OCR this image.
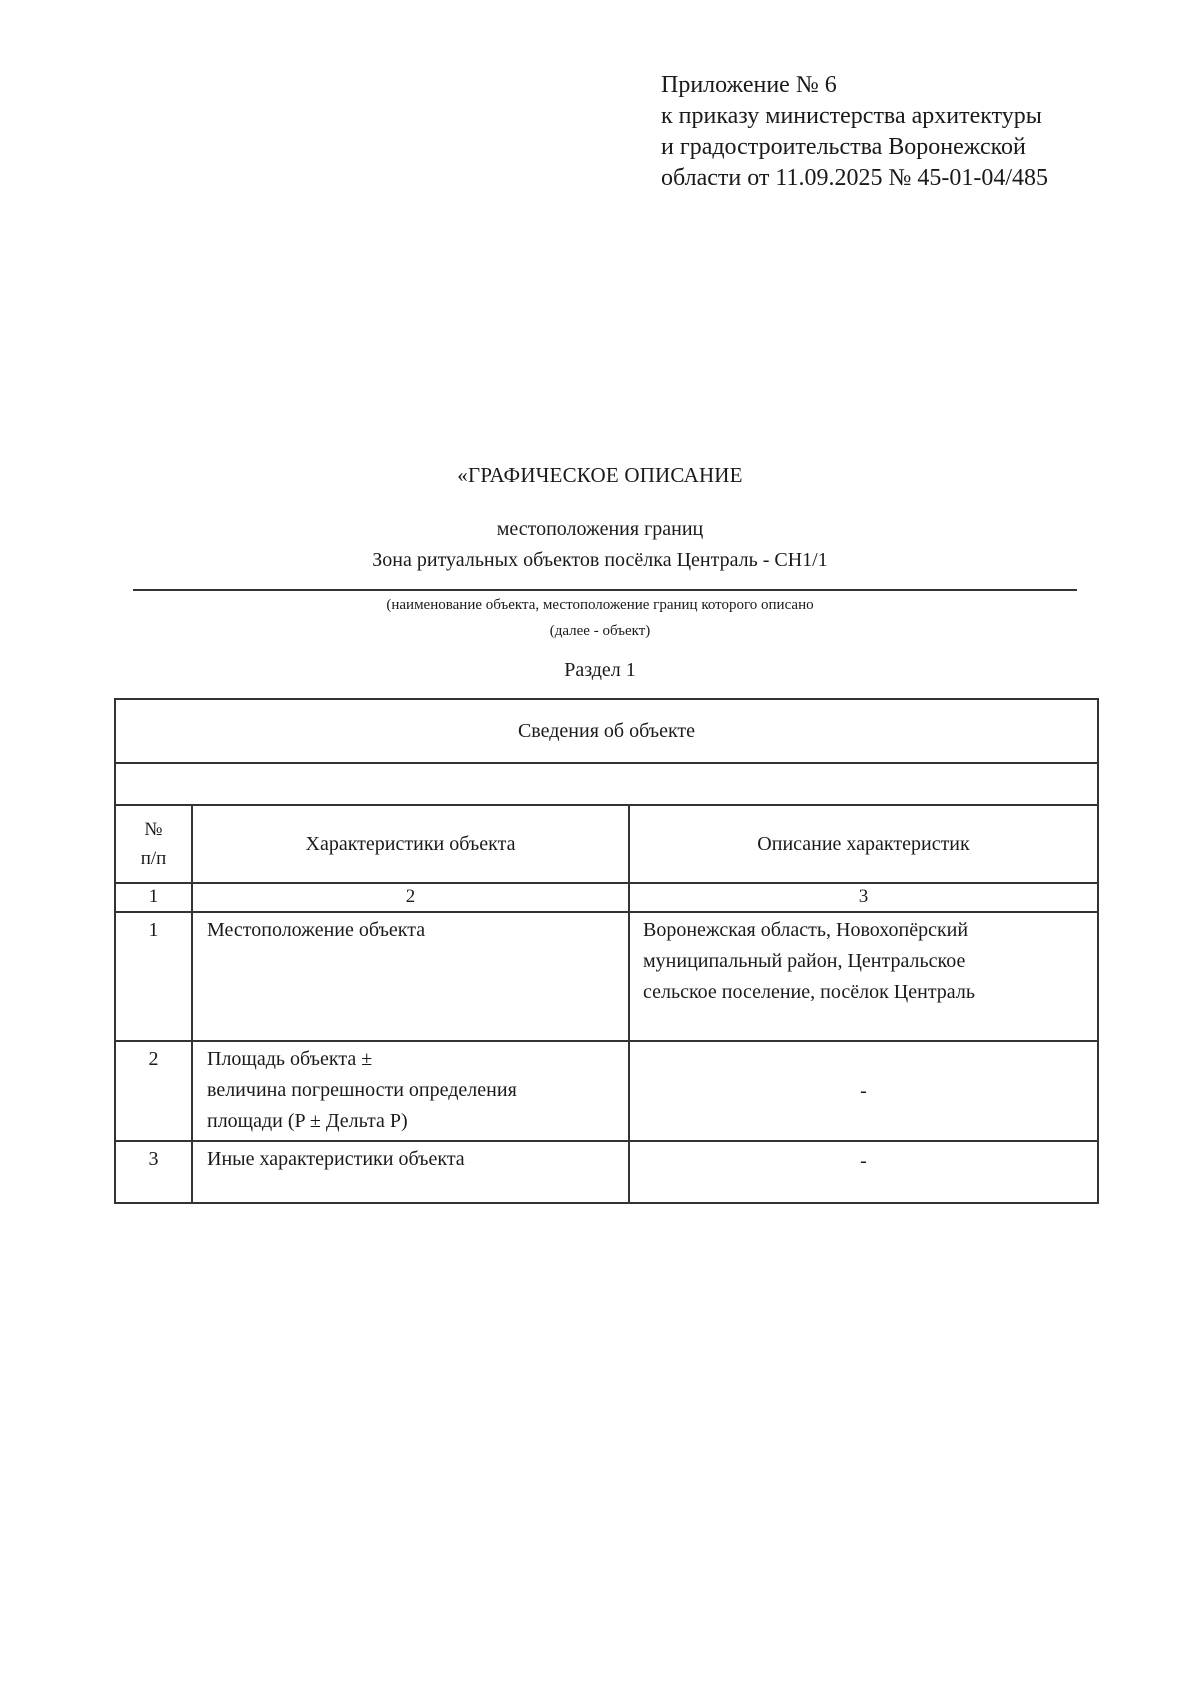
Приложение № 6
к приказу министерства архитектуры
и градостроительства Воронежской
области от 11.09.2025 № 45-01-04/485
«ГРАФИЧЕСКОЕ ОПИСАНИЕ
местоположения границ
Зона ритуальных объектов посёлка Централь - СН1/1
(наименование объекта, местоположение границ которого описано
(далее - объект)
Раздел 1
Сведения об объекте		

№
п/п	Характеристики объекта	Описание характеристик
1	2	3
1	Местоположение объекта	Воронежская область, Новохопёрский
муниципальный район, Центральское
сельское поселение, посёлок Централь

2	Площадь объекта ±
величина погрешности определения
площади (P ± Дельта P)	-
3	Иные характеристики объекта	-
